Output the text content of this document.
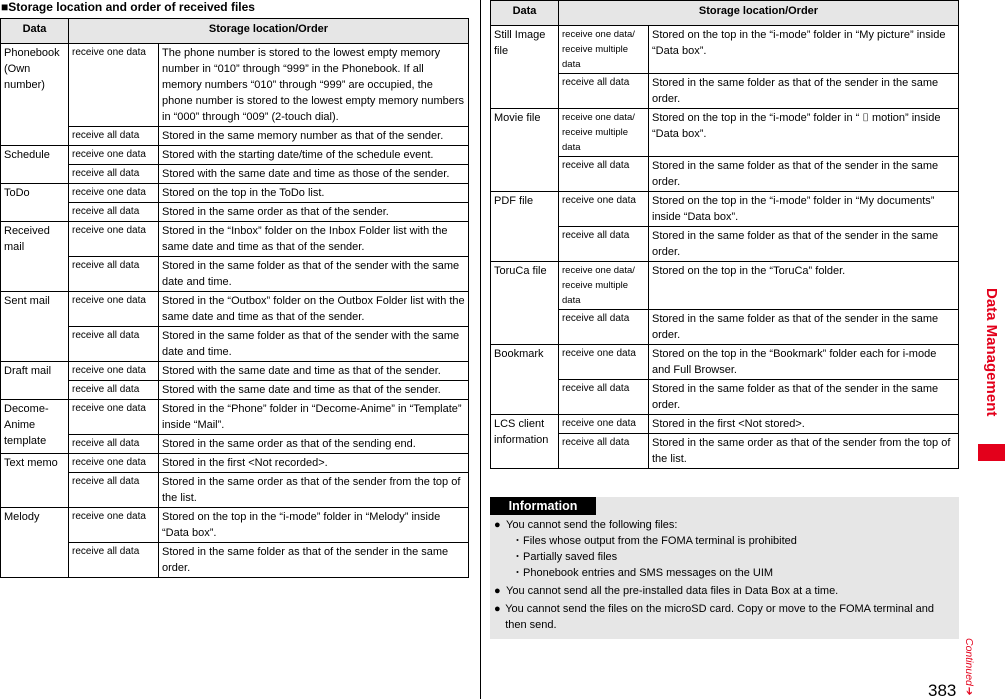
■Storage location and order of received files
Data	Storage location/Order	
Phonebook (Own number)	receive one data	The phone number is stored to the lowest empty memory number in “010” through “999” in the Phonebook. If all memory numbers “010” through “999” are occupied, the phone number is stored to the lowest empty memory numbers in “000” through “009” (2-touch dial).
	receive all data	Stored in the same memory number as that of the sender.
Schedule	receive one data	Stored with the starting date/time of the schedule event.
	receive all data	Stored with the same date and time as those of the sender.
ToDo	receive one data	Stored on the top in the ToDo list.
	receive all data	Stored in the same order as that of the sender.
Received mail	receive one data	Stored in the “Inbox” folder on the Inbox Folder list with the same date and time as that of the sender.
	receive all data	Stored in the same folder as that of the sender with the same date and time.
Sent mail	receive one data	Stored in the “Outbox” folder on the Outbox Folder list with the same date and time as that of the sender.
	receive all data	Stored in the same folder as that of the sender with the same date and time.
Draft mail	receive one data	Stored with the same date and time as that of the sender.
	receive all data	Stored with the same date and time as that of the sender.
Decome-Anime template	receive one data	Stored in the “Phone” folder in “Decome-Anime” in “Template” inside “Mail”.
	receive all data	Stored in the same order as that of the sending end.
Text memo	receive one data	Stored in the first <Not recorded>.
	receive all data	Stored in the same order as that of the sender from the top of the list.
Melody	receive one data	Stored on the top in the “i-mode” folder in “Melody” inside “Data box”.
	receive all data	Stored in the same folder as that of the sender in the same order.
Data	Storage location/Order	
Still Image file	receive one data/ receive multiple data	Stored on the top in the “i-mode” folder in “My picture” inside “Data box”.
	receive all data	Stored in the same folder as that of the sender in the same order.
Movie file	receive one data/ receive multiple data	Stored on the top in the “i-mode” folder in “ ⌷ motion” inside “Data box”.
	receive all data	Stored in the same folder as that of the sender in the same order.
PDF file	receive one data	Stored on the top in the “i-mode” folder in “My documents” inside “Data box”.
	receive all data	Stored in the same folder as that of the sender in the same order.
ToruCa file	receive one data/ receive multiple data	Stored on the top in the “ToruCa” folder.
	receive all data	Stored in the same folder as that of the sender in the same order.
Bookmark	receive one data	Stored on the top in the “Bookmark” folder each for i-mode and Full Browser.
	receive all data	Stored in the same folder as that of the sender in the same order.
LCS client information	receive one data	Stored in the first <Not stored>.
	receive all data	Stored in the same order as that of the sender from the top of the list.
Information
● You cannot send the following files:
・Files whose output from the FOMA terminal is prohibited
・Partially saved files
・Phonebook entries and SMS messages on the UIM
● You cannot send all the pre-installed data files in Data Box at a time.
● You cannot send the files on the microSD card. Copy or move to the FOMA terminal and then send.
Data Management
Continued➔
383
